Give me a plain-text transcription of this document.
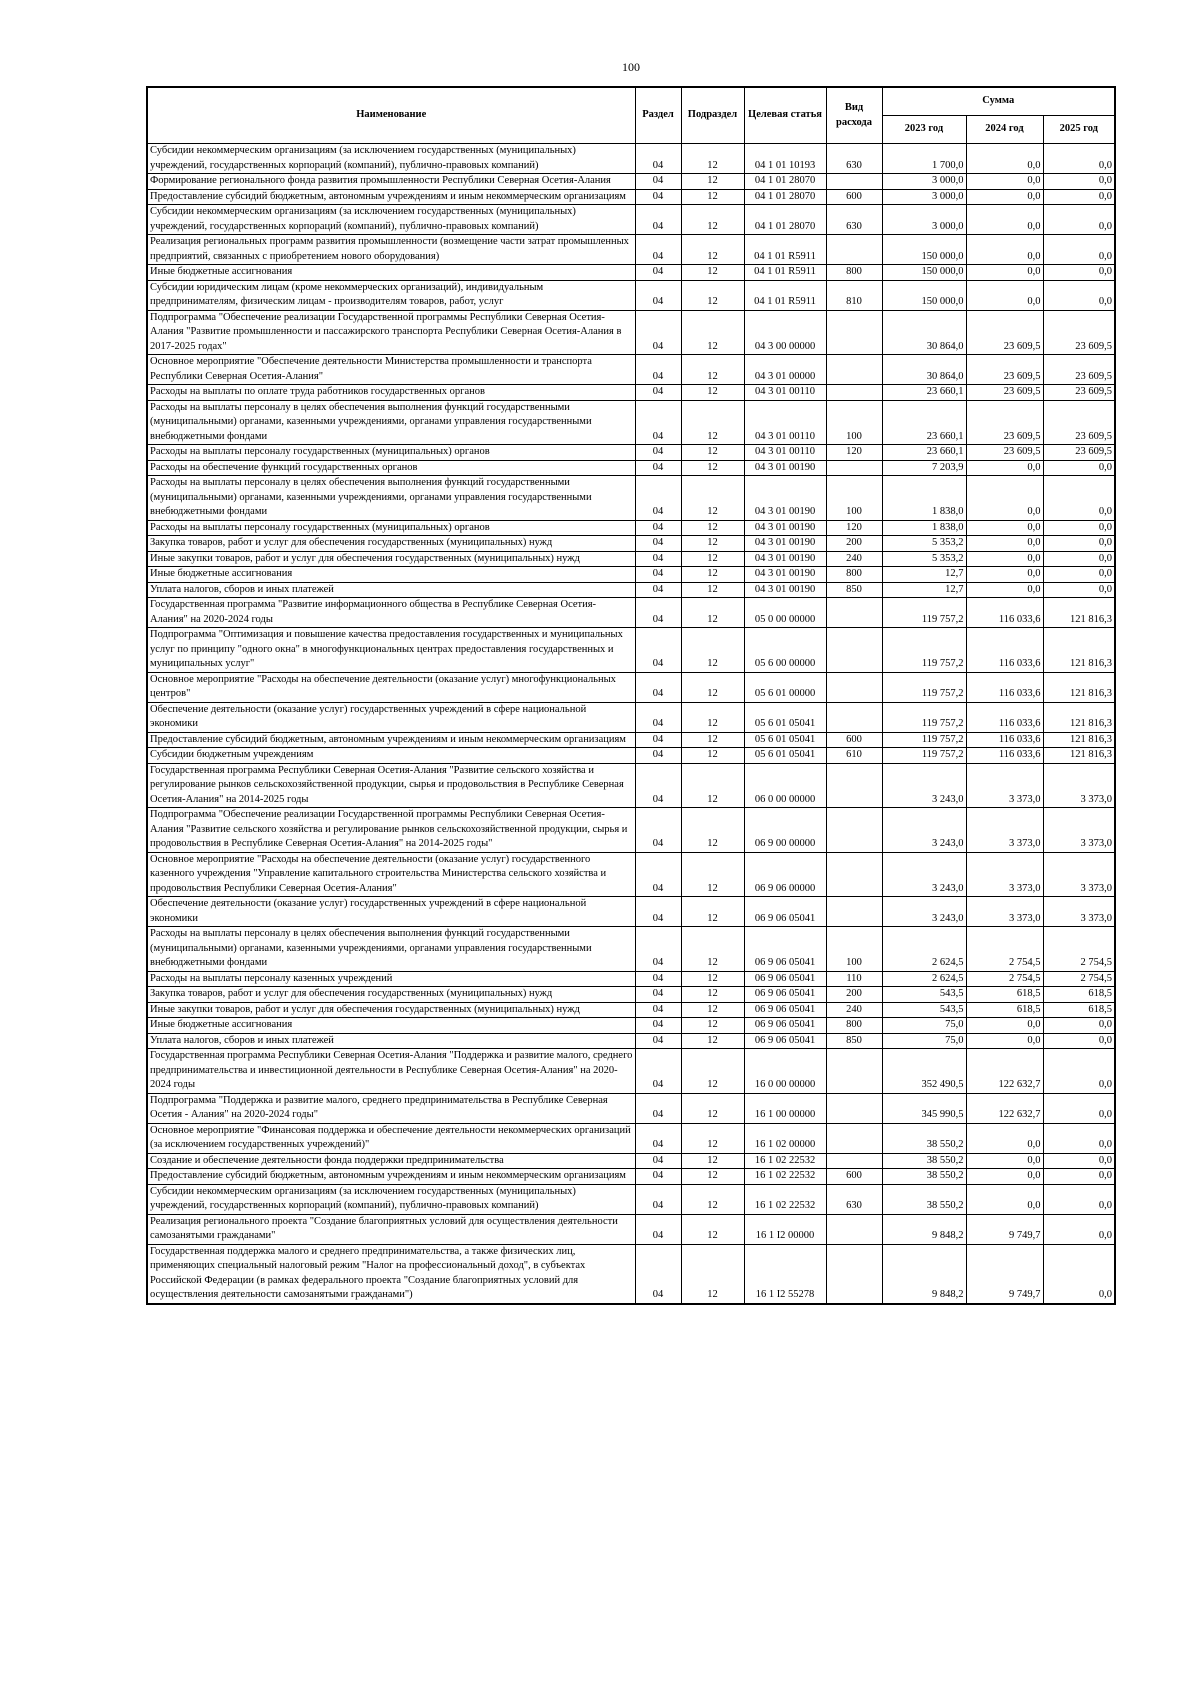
100
Наименование	Раздел	Подраздел	Целевая статья	Вид расхода	Сумма		
					2023 год	2024 год	2025 год
Субсидии некоммерческим организациям (за исключением государственных (муниципальных) учреждений, государственных корпораций (компаний), публично-правовых компаний)	04	12	04 1 01 10193	630	1 700,0	0,0	0,0
Формирование регионального фонда развития промышленности Республики Северная Осетия-Алания	04	12	04 1 01 28070		3 000,0	0,0	0,0
Предоставление субсидий бюджетным, автономным учреждениям и иным некоммерческим организациям	04	12	04 1 01 28070	600	3 000,0	0,0	0,0
Субсидии некоммерческим организациям (за исключением государственных (муниципальных) учреждений, государственных корпораций (компаний), публично-правовых компаний)	04	12	04 1 01 28070	630	3 000,0	0,0	0,0
Реализация региональных программ развития промышленности (возмещение части затрат промышленных предприятий, связанных с приобретением нового оборудования)	04	12	04 1 01 R5911		150 000,0	0,0	0,0
Иные бюджетные ассигнования	04	12	04 1 01 R5911	800	150 000,0	0,0	0,0
Субсидии юридическим лицам (кроме некоммерческих организаций), индивидуальным предпринимателям, физическим лицам - производителям товаров, работ, услуг	04	12	04 1 01 R5911	810	150 000,0	0,0	0,0
Подпрограмма "Обеспечение реализации Государственной программы Республики Северная Осетия-Алания "Развитие промышленности и пассажирского транспорта Республики Северная Осетия-Алания в 2017-2025 годах"	04	12	04 3 00 00000		30 864,0	23 609,5	23 609,5
Основное мероприятие "Обеспечение деятельности Министерства промышленности и транспорта Республики Северная Осетия-Алания"	04	12	04 3 01 00000		30 864,0	23 609,5	23 609,5
Расходы на выплаты по оплате труда работников государственных органов	04	12	04 3 01 00110		23 660,1	23 609,5	23 609,5
Расходы на выплаты персоналу в целях обеспечения выполнения функций государственными (муниципальными) органами, казенными учреждениями, органами управления государственными внебюджетными фондами	04	12	04 3 01 00110	100	23 660,1	23 609,5	23 609,5
Расходы на выплаты персоналу государственных (муниципальных) органов	04	12	04 3 01 00110	120	23 660,1	23 609,5	23 609,5
Расходы на обеспечение функций государственных органов	04	12	04 3 01 00190		7 203,9	0,0	0,0
Расходы на выплаты персоналу в целях обеспечения выполнения функций государственными (муниципальными) органами, казенными учреждениями, органами управления государственными внебюджетными фондами	04	12	04 3 01 00190	100	1 838,0	0,0	0,0
Расходы на выплаты персоналу государственных (муниципальных) органов	04	12	04 3 01 00190	120	1 838,0	0,0	0,0
Закупка товаров, работ и услуг для обеспечения государственных (муниципальных) нужд	04	12	04 3 01 00190	200	5 353,2	0,0	0,0
Иные закупки товаров, работ и услуг для обеспечения государственных (муниципальных) нужд	04	12	04 3 01 00190	240	5 353,2	0,0	0,0
Иные бюджетные ассигнования	04	12	04 3 01 00190	800	12,7	0,0	0,0
Уплата налогов, сборов и иных платежей	04	12	04 3 01 00190	850	12,7	0,0	0,0
Государственная программа "Развитие информационного общества в Республике Северная Осетия-Алания" на 2020-2024 годы	04	12	05 0 00 00000		119 757,2	116 033,6	121 816,3
Подпрограмма "Оптимизация и повышение качества предоставления государственных и муниципальных услуг по принципу "одного окна" в многофункциональных центрах предоставления государственных и муниципальных услуг"	04	12	05 6 00 00000		119 757,2	116 033,6	121 816,3
Основное мероприятие "Расходы на обеспечение деятельности (оказание услуг) многофункциональных центров"	04	12	05 6 01 00000		119 757,2	116 033,6	121 816,3
Обеспечение деятельности (оказание услуг) государственных учреждений в сфере национальной экономики	04	12	05 6 01 05041		119 757,2	116 033,6	121 816,3
Предоставление субсидий бюджетным, автономным учреждениям и иным некоммерческим организациям	04	12	05 6 01 05041	600	119 757,2	116 033,6	121 816,3
Субсидии бюджетным учреждениям	04	12	05 6 01 05041	610	119 757,2	116 033,6	121 816,3
Государственная программа Республики Северная Осетия-Алания "Развитие сельского хозяйства и регулирование рынков сельскохозяйственной продукции, сырья и продовольствия в Республике Северная Осетия-Алания" на 2014-2025 годы	04	12	06 0 00 00000		3 243,0	3 373,0	3 373,0
Подпрограмма "Обеспечение реализации Государственной программы Республики Северная Осетия-Алания "Развитие сельского хозяйства и регулирование рынков сельскохозяйственной продукции, сырья и продовольствия в Республике Северная Осетия-Алания" на 2014-2025 годы"	04	12	06 9 00 00000		3 243,0	3 373,0	3 373,0
Основное мероприятие "Расходы на обеспечение деятельности (оказание услуг) государственного казенного учреждения "Управление капитального строительства Министерства сельского хозяйства и продовольствия Республики Северная Осетия-Алания"	04	12	06 9 06 00000		3 243,0	3 373,0	3 373,0
Обеспечение деятельности (оказание услуг) государственных учреждений в сфере национальной экономики	04	12	06 9 06 05041		3 243,0	3 373,0	3 373,0
Расходы на выплаты персоналу в целях обеспечения выполнения функций государственными (муниципальными) органами, казенными учреждениями, органами управления государственными внебюджетными фондами	04	12	06 9 06 05041	100	2 624,5	2 754,5	2 754,5
Расходы на выплаты персоналу казенных учреждений	04	12	06 9 06 05041	110	2 624,5	2 754,5	2 754,5
Закупка товаров, работ и услуг для обеспечения государственных (муниципальных) нужд	04	12	06 9 06 05041	200	543,5	618,5	618,5
Иные закупки товаров, работ и услуг для обеспечения государственных (муниципальных) нужд	04	12	06 9 06 05041	240	543,5	618,5	618,5
Иные бюджетные ассигнования	04	12	06 9 06 05041	800	75,0	0,0	0,0
Уплата налогов, сборов и иных платежей	04	12	06 9 06 05041	850	75,0	0,0	0,0
Государственная программа Республики Северная Осетия-Алания "Поддержка и развитие малого, среднего предпринимательства и инвестиционной деятельности в Республике Северная Осетия-Алания" на 2020-2024 годы	04	12	16 0 00 00000		352 490,5	122 632,7	0,0
Подпрограмма "Поддержка и развитие малого, среднего предпринимательства в Республике Северная Осетия - Алания" на 2020-2024 годы"	04	12	16 1 00 00000		345 990,5	122 632,7	0,0
Основное мероприятие "Финансовая поддержка и обеспечение деятельности некоммерческих организаций (за исключением государственных учреждений)"	04	12	16 1 02 00000		38 550,2	0,0	0,0
Создание и обеспечение деятельности фонда поддержки предпринимательства	04	12	16 1 02 22532		38 550,2	0,0	0,0
Предоставление субсидий бюджетным, автономным учреждениям и иным некоммерческим организациям	04	12	16 1 02 22532	600	38 550,2	0,0	0,0
Субсидии некоммерческим организациям (за исключением государственных (муниципальных) учреждений, государственных корпораций (компаний), публично-правовых компаний)	04	12	16 1 02 22532	630	38 550,2	0,0	0,0
Реализация регионального проекта "Создание благоприятных условий для осуществления деятельности самозанятыми гражданами"	04	12	16 1 I2 00000		9 848,2	9 749,7	0,0
Государственная поддержка малого и среднего предпринимательства, а также физических лиц, применяющих специальный налоговый режим "Налог на профессиональный доход", в субъектах Российской Федерации (в рамках федерального проекта "Создание благоприятных условий для осуществления деятельности самозанятыми гражданами")	04	12	16 1 I2 55278		9 848,2	9 749,7	0,0
